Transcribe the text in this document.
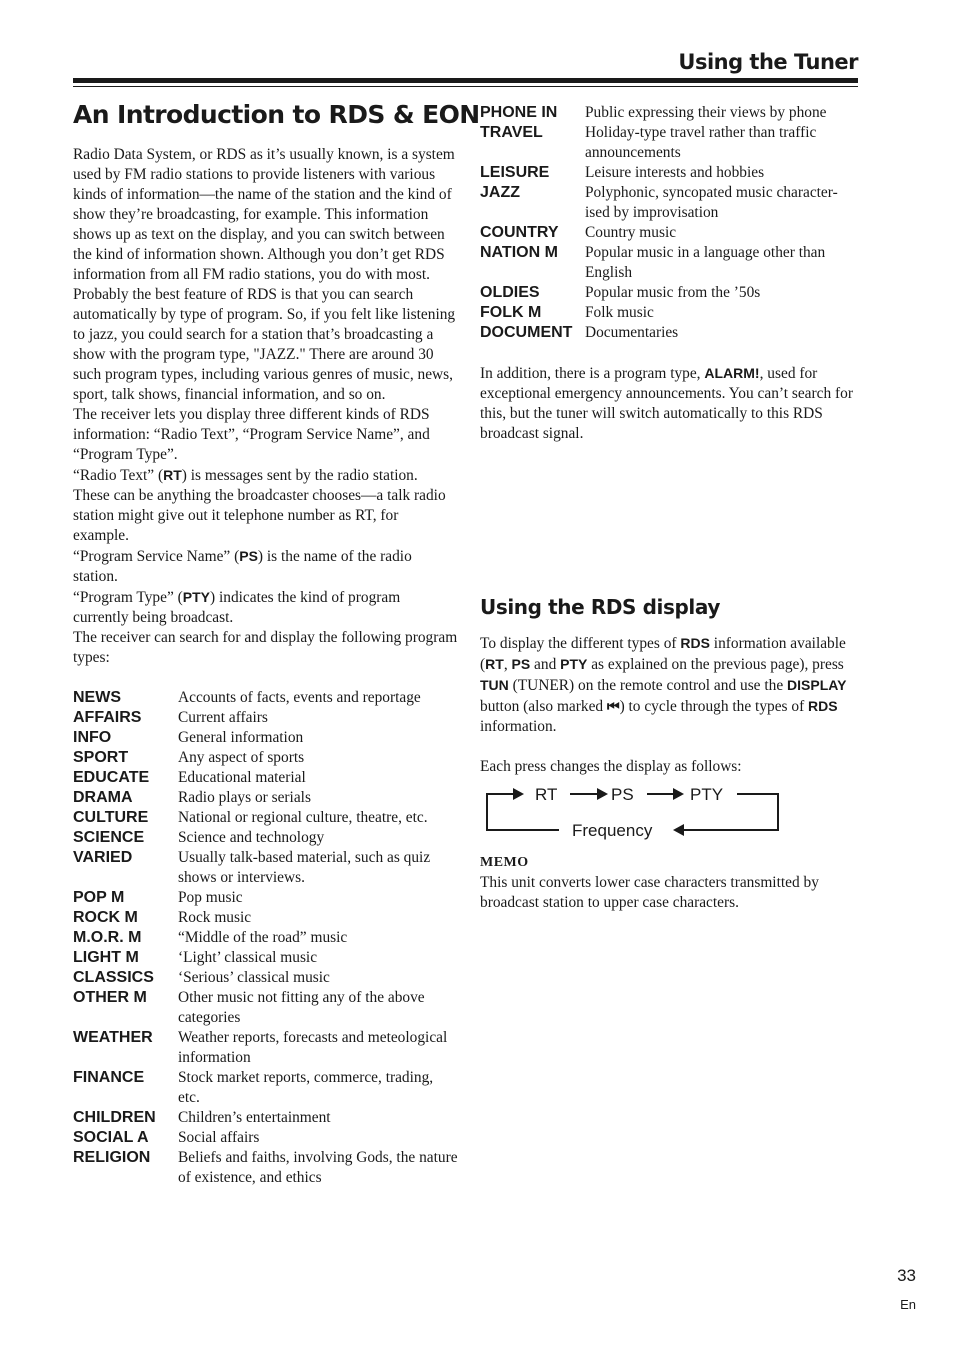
Using the Tuner
An Introduction to RDS & EON

Radio Data System, or RDS as it’s usually known, is a system used by FM radio stations to provide listeners with various kinds of information—the name of the station and the kind of show they’re broadcasting, for example. This information shows up as text on the display, and you can switch between the kind of information shown. Although you don’t get RDS information from all FM radio stations, you do with most.

Probably the best feature of RDS is that you can search automatically by type of program. So, if you felt like listening to jazz, you could search for a station that’s broadcasting a show with the program type, "JAZZ." There are around 30 such program types, including various genres of music, news, sport, talk shows, financial information, and so on.

The receiver lets you display three different kinds of RDS information: “Radio Text”, “Program Service Name”, and “Program Type”.

“Radio Text” (RT) is messages sent by the radio station. These can be anything the broadcaster chooses—a talk radio station might give out it telephone number as RT, for example.

“Program Service Name” (PS) is the name of the radio station.

“Program Type” (PTY) indicates the kind of program currently being broadcast.

The receiver can search for and display the following program types:

NEWS	Accounts of facts, events and reportage
AFFAIRS	Current affairs
INFO	General information
SPORT	Any aspect of sports
EDUCATE	Educational material
DRAMA	Radio plays or serials
CULTURE	National or regional culture, theatre, etc.
SCIENCE	Science and technology
VARIED	Usually talk-based material, such as quiz shows or interviews.
POP M	Pop music
ROCK M	Rock music
M.O.R. M	“Middle of the road” music
LIGHT M	‘Light’ classical music
CLASSICS	‘Serious’ classical music
OTHER M	Other music not fitting any of the above categories
WEATHER	Weather reports, forecasts and meteological information
FINANCE	Stock market reports, commerce, trading, etc.
CHILDREN	Children’s entertainment
SOCIAL A	Social affairs
RELIGION	Beliefs and faiths, involving Gods, the nature of existence, and ethics
PHONE IN	Public expressing their views by phone
TRAVEL	Holiday-type travel rather than traffic announcements
LEISURE	Leisure interests and hobbies
JAZZ	Polyphonic, syncopated music character-ised by improvisation
COUNTRY	Country music
NATION M	Popular music in a language other than English
OLDIES	Popular music from the ’50s
FOLK M	Folk music
DOCUMENT Documentaries

In addition, there is a program type, ALARM!, used for exceptional emergency announcements. You can’t search for this, but the tuner will switch automatically to this RDS broadcast signal.

Using the RDS display

To display the different types of RDS information available (RT, PS and PTY as explained on the previous page), press TUN (TUNER) on the remote control and use the DISPLAY button (also marked ⏮) to cycle through the types of RDS information.

Each press changes the display as follows:

RT	PS	PTY
Frequency
MEMO

This unit converts lower case characters transmitted by broadcast station to upper case characters.

33
En
